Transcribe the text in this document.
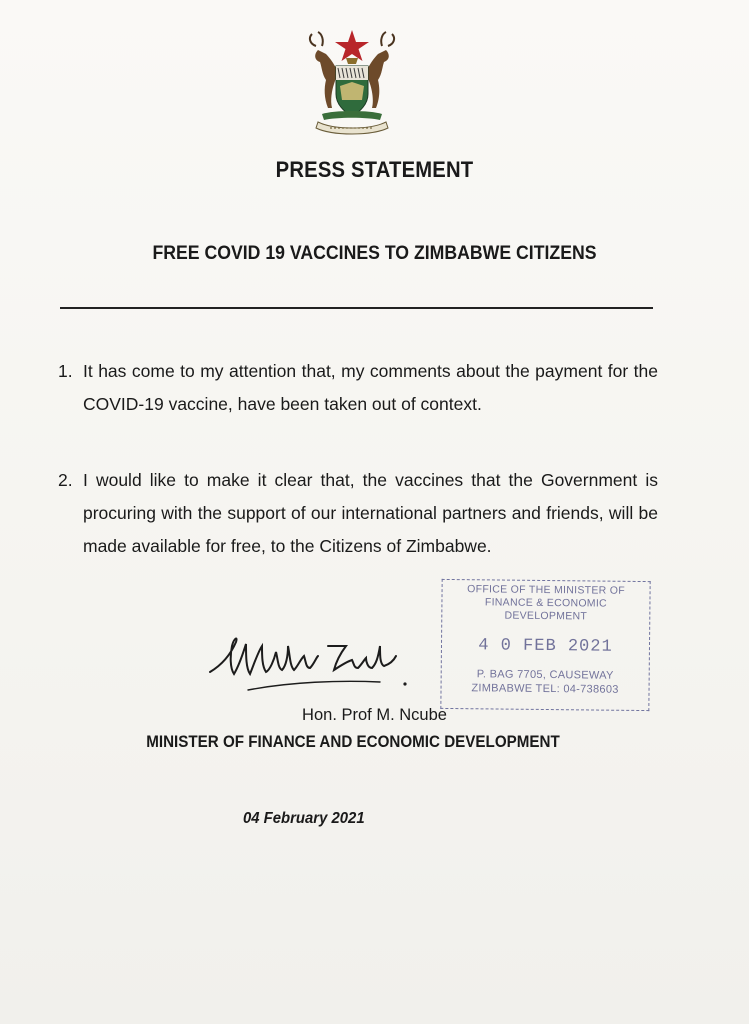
PRESS STATEMENT
FREE COVID 19 VACCINES TO ZIMBABWE CITIZENS
1. It has come to my attention that, my comments about the payment for the COVID-19 vaccine, have been taken out of context.
2. I would like to make it clear that, the vaccines that the Government is procuring with the support of our international partners and friends, will be made available for free, to the Citizens of Zimbabwe.
OFFICE OF THE MINISTER OF
FINANCE & ECONOMIC
DEVELOPMENT
4 0 FEB 2021
P. BAG 7705, CAUSEWAY
ZIMBABWE TEL: 04-738603
Hon. Prof M. Ncube
MINISTER OF FINANCE AND ECONOMIC DEVELOPMENT
04 February 2021
